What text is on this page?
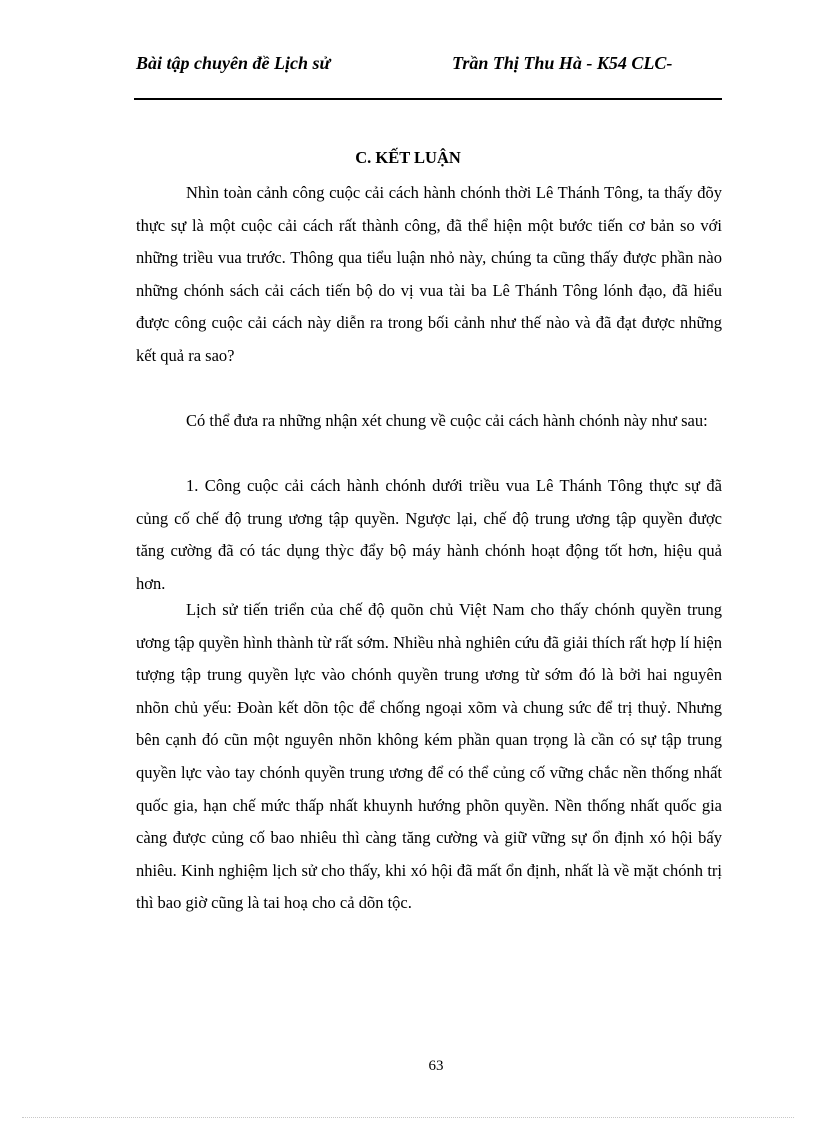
Bài tập chuyên đề Lịch sử	Trần Thị Thu Hà - K54 CLC-
C. KẾT LUẬN
Nhìn toàn cảnh công cuộc cải cách hành chónh thời Lê Thánh Tông, ta thấy đõy thực sự là một cuộc cải cách rất thành công, đã thể hiện một bước tiến cơ bản so với những triều vua trước. Thông qua tiểu luận nhỏ này, chúng ta cũng thấy được phần nào những chónh sách cải cách tiến bộ do vị vua tài ba Lê Thánh Tông lónh đạo, đã hiểu được công cuộc cải cách này diễn ra trong bối cảnh như thế nào và đã đạt được những kết quả ra sao?
Có thể đưa ra những nhận xét chung về cuộc cải cách hành chónh này như sau:
1. Công cuộc cải cách hành chónh dưới triều vua Lê Thánh Tông thực sự đã củng cố chế độ trung ương tập quyền. Ngược lại, chế độ trung ương tập quyền được tăng cường đã có tác dụng thỳc đẩy bộ máy hành chónh hoạt động tốt hơn, hiệu quả hơn.
Lịch sử tiến triển của chế độ quõn chủ Việt Nam cho thấy chónh quyền trung ương tập quyền hình thành từ rất sớm. Nhiều nhà nghiên cứu đã giải thích rất hợp lí hiện tượng tập trung quyền lực vào chónh quyền trung ương từ sớm đó là bởi hai nguyên nhõn chủ yếu: Đoàn kết dõn tộc để chống ngoại xõm và chung sức để trị thuỷ. Nhưng bên cạnh đó cũn một nguyên nhõn không kém phần quan trọng là cần có sự tập trung quyền lực vào tay chónh quyền trung ương để có thể củng cố vững chắc nền thống nhất quốc gia, hạn chế mức thấp nhất khuynh hướng phõn quyền. Nền thống nhất quốc gia càng được củng cố bao nhiêu thì càng tăng cường và giữ vững sự ổn định xó hội bấy nhiêu. Kinh nghiệm lịch sử cho thấy, khi xó hội đã mất ổn định, nhất là về mặt chónh trị thì bao giờ cũng là tai hoạ cho cả dõn tộc.
63
